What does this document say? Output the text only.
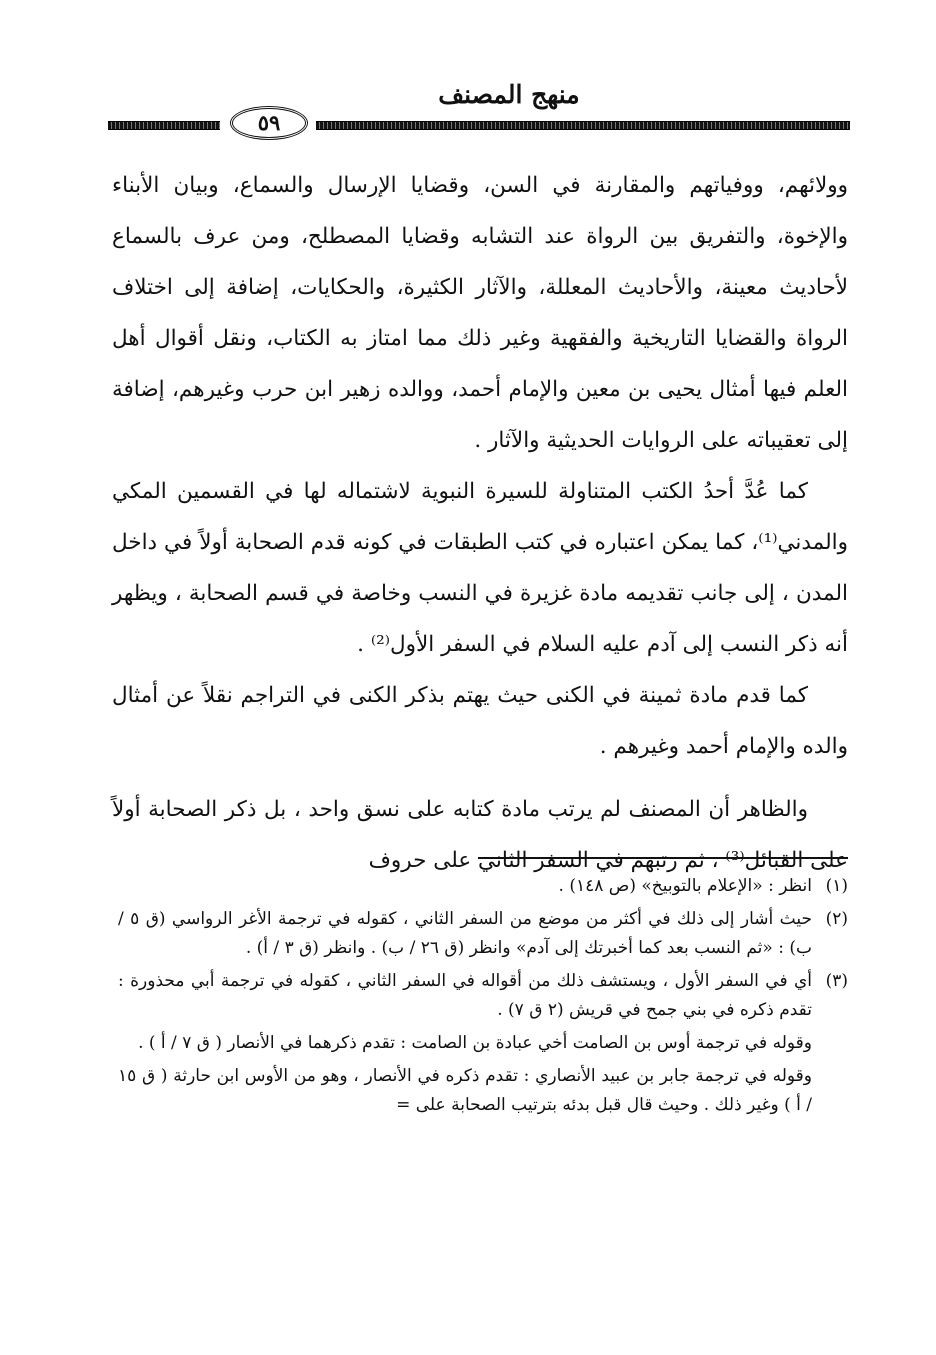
منهج المصنف
٥٩

وولائهم، ووفياتهم والمقارنة في السن، وقضايا الإرسال والسماع، وبيان الأبناء والإخوة، والتفريق بين الرواة عند التشابه وقضايا المصطلح، ومن عرف بالسماع لأحاديث معينة، والأحاديث المعللة، والآثار الكثيرة، والحكايات، إضافة إلى اختلاف الرواة والقضايا التاريخية والفقهية وغير ذلك مما امتاز به الكتاب، ونقل أقوال أهل العلم فيها أمثال يحيى بن معين والإمام أحمد، ووالده زهير ابن حرب وغيرهم، إضافة إلى تعقيباته على الروايات الحديثية والآثار .

كما عُدَّ أحدُ الكتب المتناولة للسيرة النبوية لاشتماله لها في القسمين المكي والمدني⁽¹⁾، كما يمكن اعتباره في كتب الطبقات في كونه قدم الصحابة أولاً في داخل المدن ، إلى جانب تقديمه مادة غزيرة في النسب وخاصة في قسم الصحابة ، ويظهر أنه ذكر النسب إلى آدم عليه السلام في السفر الأول⁽²⁾ .

كما قدم مادة ثمينة في الكنى حيث يهتم بذكر الكنى في التراجم نقلاً عن أمثال والده والإمام أحمد وغيرهم .

والظاهر أن المصنف لم يرتب مادة كتابه على نسق واحد ، بل ذكر الصحابة أولاً على القبائل⁽³⁾ ، ثم رتبهم في السفر الثاني على حروف

(١)

انظر : «الإعلام بالتوبيخ» (ص ١٤٨) .

(٢)

حيث أشار إلى ذلك في أكثر من موضع من السفر الثاني ، كقوله في ترجمة الأغر الرواسي (ق ٥ / ب) : «ثم النسب بعد كما أخبرتك إلى آدم» وانظر (ق ٢٦ / ب) . وانظر (ق ٣ / أ) .

(٣)

أي في السفر الأول ، ويستشف ذلك من أقواله في السفر الثاني ، كقوله في ترجمة أبي محذورة : تقدم ذكره في بني جمح في قريش (٢ ق ٧) .

وقوله في ترجمة أوس بن الصامت أخي عبادة بن الصامت : تقدم ذكرهما في الأنصار ( ق ٧ / أ ) .

وقوله في ترجمة جابر بن عبيد الأنصاري : تقدم ذكره في الأنصار ، وهو من الأوس ابن حارثة ( ق ١٥ / أ ) وغير ذلك . وحيث قال قبل بدئه بترتيب الصحابة على =
